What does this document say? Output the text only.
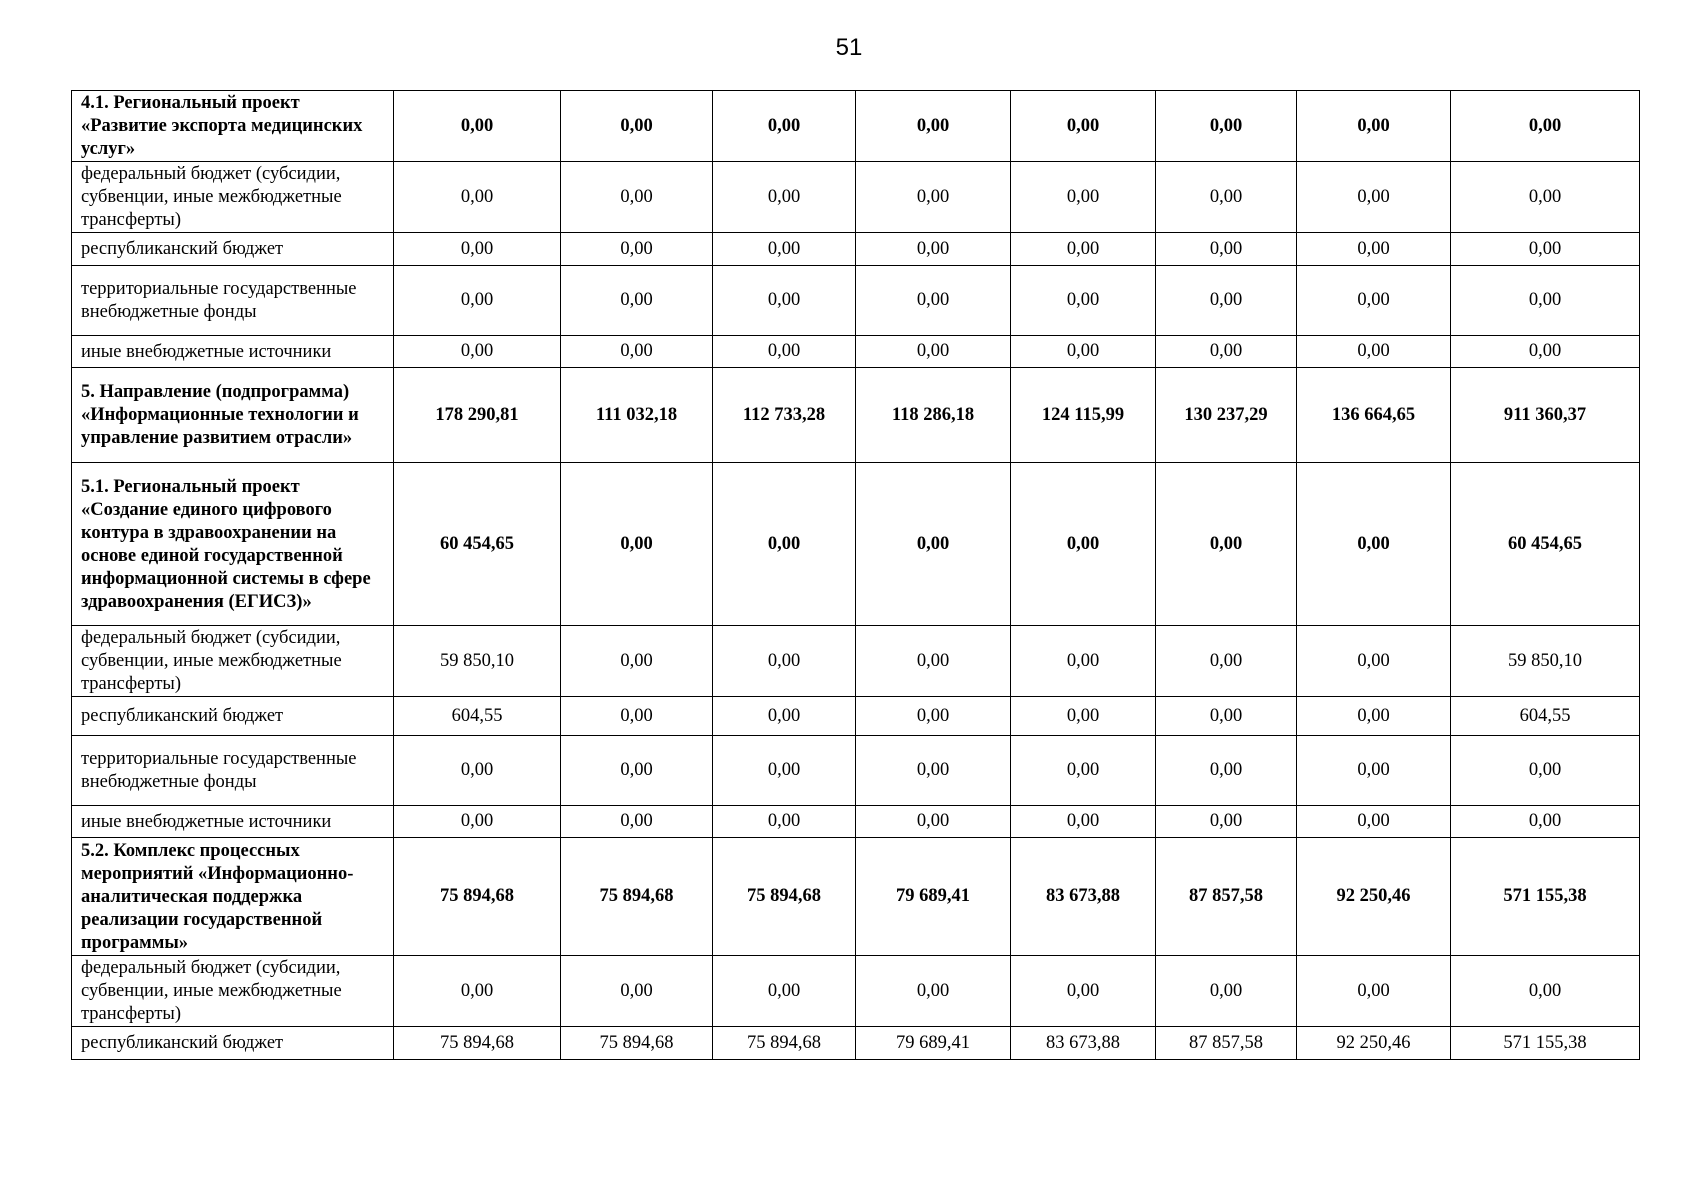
51
4.1. Региональный проект «Развитие экспорта медицинских услуг»	0,00	0,00	0,00	0,00	0,00	0,00	0,00	0,00
федеральный бюджет (субсидии, субвенции, иные межбюджетные трансферты)	0,00	0,00	0,00	0,00	0,00	0,00	0,00	0,00
республиканский бюджет	0,00	0,00	0,00	0,00	0,00	0,00	0,00	0,00
территориальные государственные внебюджетные фонды	0,00	0,00	0,00	0,00	0,00	0,00	0,00	0,00
иные внебюджетные источники	0,00	0,00	0,00	0,00	0,00	0,00	0,00	0,00
5. Направление (подпрограмма) «Информационные технологии и управление развитием отрасли»	178 290,81	111 032,18	112 733,28	118 286,18	124 115,99	130 237,29	136 664,65	911 360,37
5.1. Региональный проект «Создание единого цифрового контура в здравоохранении на основе единой государственной информационной системы в сфере здравоохранения (ЕГИСЗ)»	60 454,65	0,00	0,00	0,00	0,00	0,00	0,00	60 454,65
федеральный бюджет (субсидии, субвенции, иные межбюджетные трансферты)	59 850,10	0,00	0,00	0,00	0,00	0,00	0,00	59 850,10
республиканский бюджет	604,55	0,00	0,00	0,00	0,00	0,00	0,00	604,55
территориальные государственные внебюджетные фонды	0,00	0,00	0,00	0,00	0,00	0,00	0,00	0,00
иные внебюджетные источники	0,00	0,00	0,00	0,00	0,00	0,00	0,00	0,00
5.2. Комплекс процессных мероприятий «Информационно-аналитическая поддержка реализации государственной программы»	75 894,68	75 894,68	75 894,68	79 689,41	83 673,88	87 857,58	92 250,46	571 155,38
федеральный бюджет (субсидии, субвенции, иные межбюджетные трансферты)	0,00	0,00	0,00	0,00	0,00	0,00	0,00	0,00
республиканский бюджет	75 894,68	75 894,68	75 894,68	79 689,41	83 673,88	87 857,58	92 250,46	571 155,38
